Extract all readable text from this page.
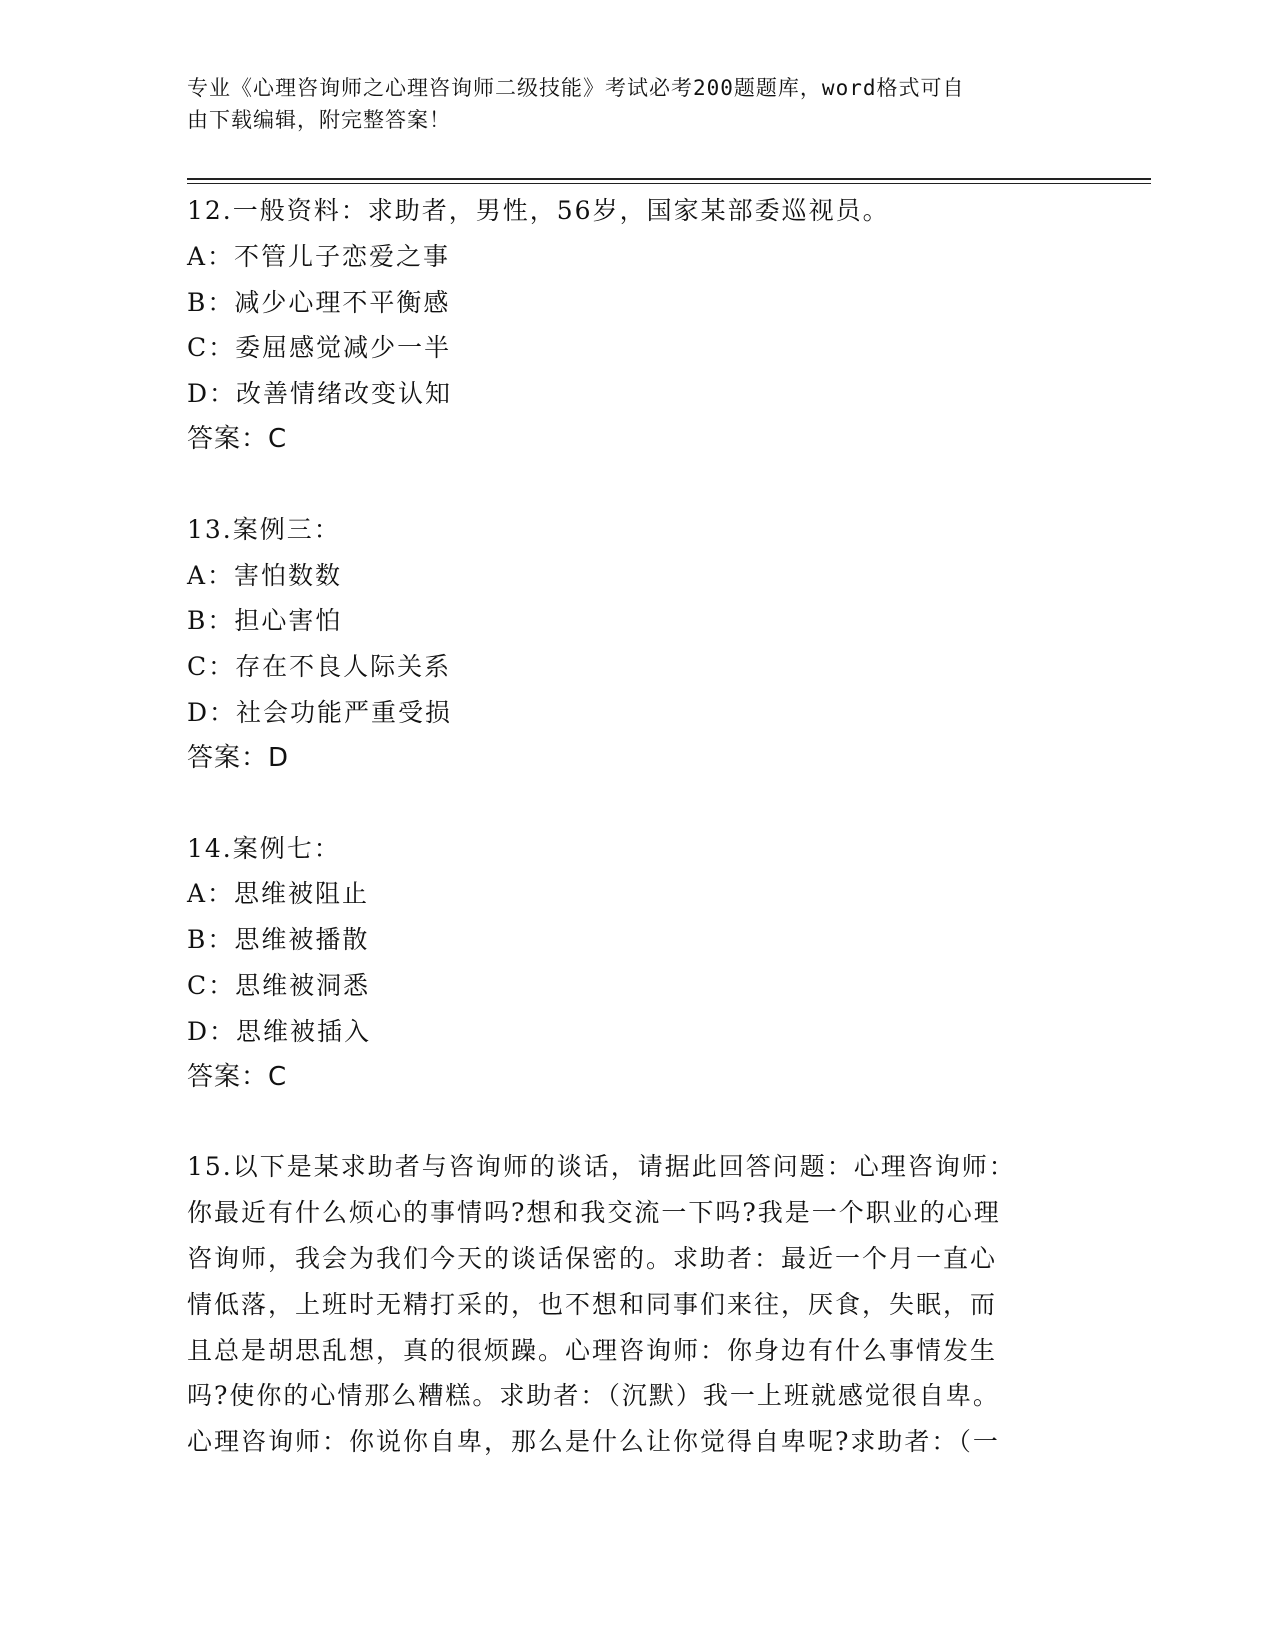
专业《心理咨询师之心理咨询师二级技能》考试必考200题题库，word格式可自
由下载编辑，附完整答案！
12.一般资料：求助者，男性，56岁，国家某部委巡视员。
A：不管儿子恋爱之事
B：减少心理不平衡感
C：委屈感觉减少一半
D：改善情绪改变认知
答案：C
13.案例三：
A：害怕数数
B：担心害怕
C：存在不良人际关系
D：社会功能严重受损
答案：D
14.案例七：
A：思维被阻止
B：思维被播散
C：思维被洞悉
D：思维被插入
答案：C
15.以下是某求助者与咨询师的谈话，请据此回答问题：心理咨询师：
你最近有什么烦心的事情吗?想和我交流一下吗?我是一个职业的心理
咨询师，我会为我们今天的谈话保密的。求助者：最近一个月一直心
情低落，上班时无精打采的，也不想和同事们来往，厌食，失眠，而
且总是胡思乱想，真的很烦躁。心理咨询师：你身边有什么事情发生
吗?使你的心情那么糟糕。求助者：（沉默）我一上班就感觉很自卑。
心理咨询师：你说你自卑，那么是什么让你觉得自卑呢?求助者：（一
